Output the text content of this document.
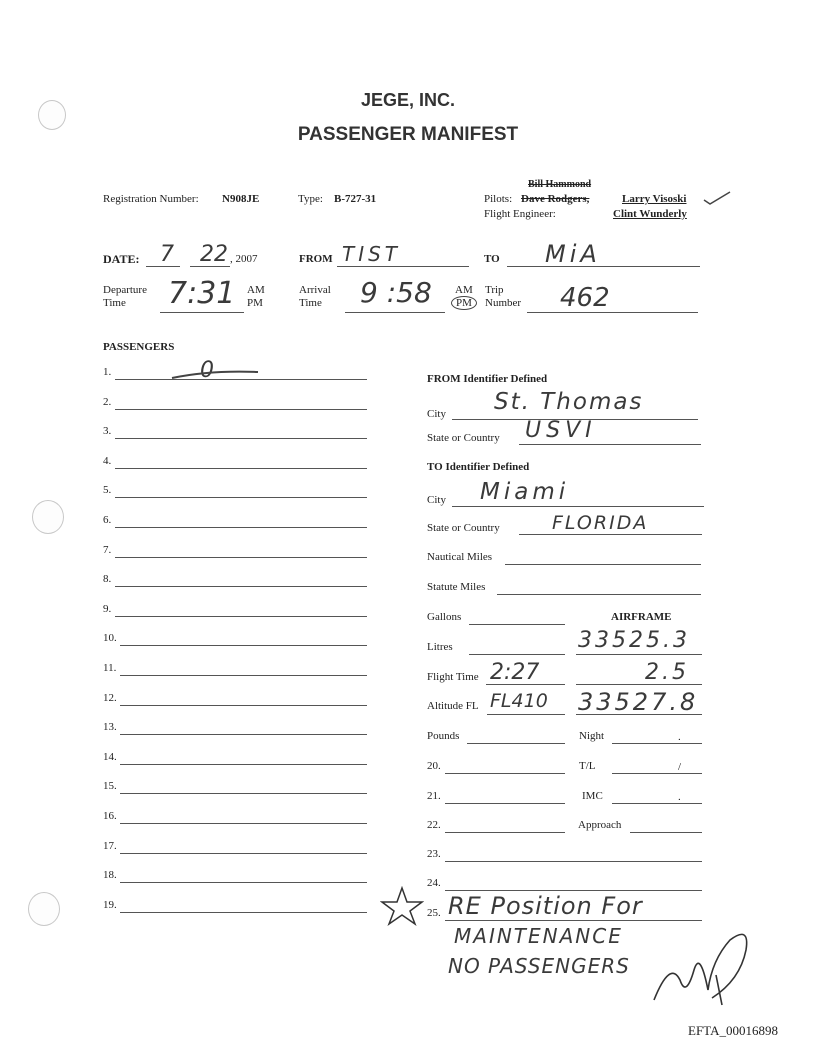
JEGE, INC.
PASSENGER MANIFEST
Registration Number: N908JE	Type: B-727-31
Bill Hammond
Pilots: Dave Rodgers,	Larry Visoski
Flight Engineer:	Clint Wunderly
DATE: 7 22 , 2007	FROM TIST	TO MiA
Departure
Time 7:31 AM
PM
Arrival
Time 9 :58 AM
PM
Trip
Number 462
PASSENGERS
1.
2.
3.
4.
5.
6.
7.
8.
9.
10.
11.
12.
13.
14.
15.
16.
17.
18.
19.
0	FROM Identifier Defined
City St. Thomas
State or Country USVI
TO Identifier Defined
City Miami
State or Country	FLORIDA
Nautical Miles
Statute Miles
Gallons	AIRFRAME
Litres	33525.3
Flight Time 2:27	2.5
Altitude FL FL410 33527.8
Pounds	Night	.
20.	T/L	/
21.	IMC	.
22.	Approach
23.
24.
25. RE Position For
MAINTENANCE
NO PASSENGERS
EFTA_00016898
